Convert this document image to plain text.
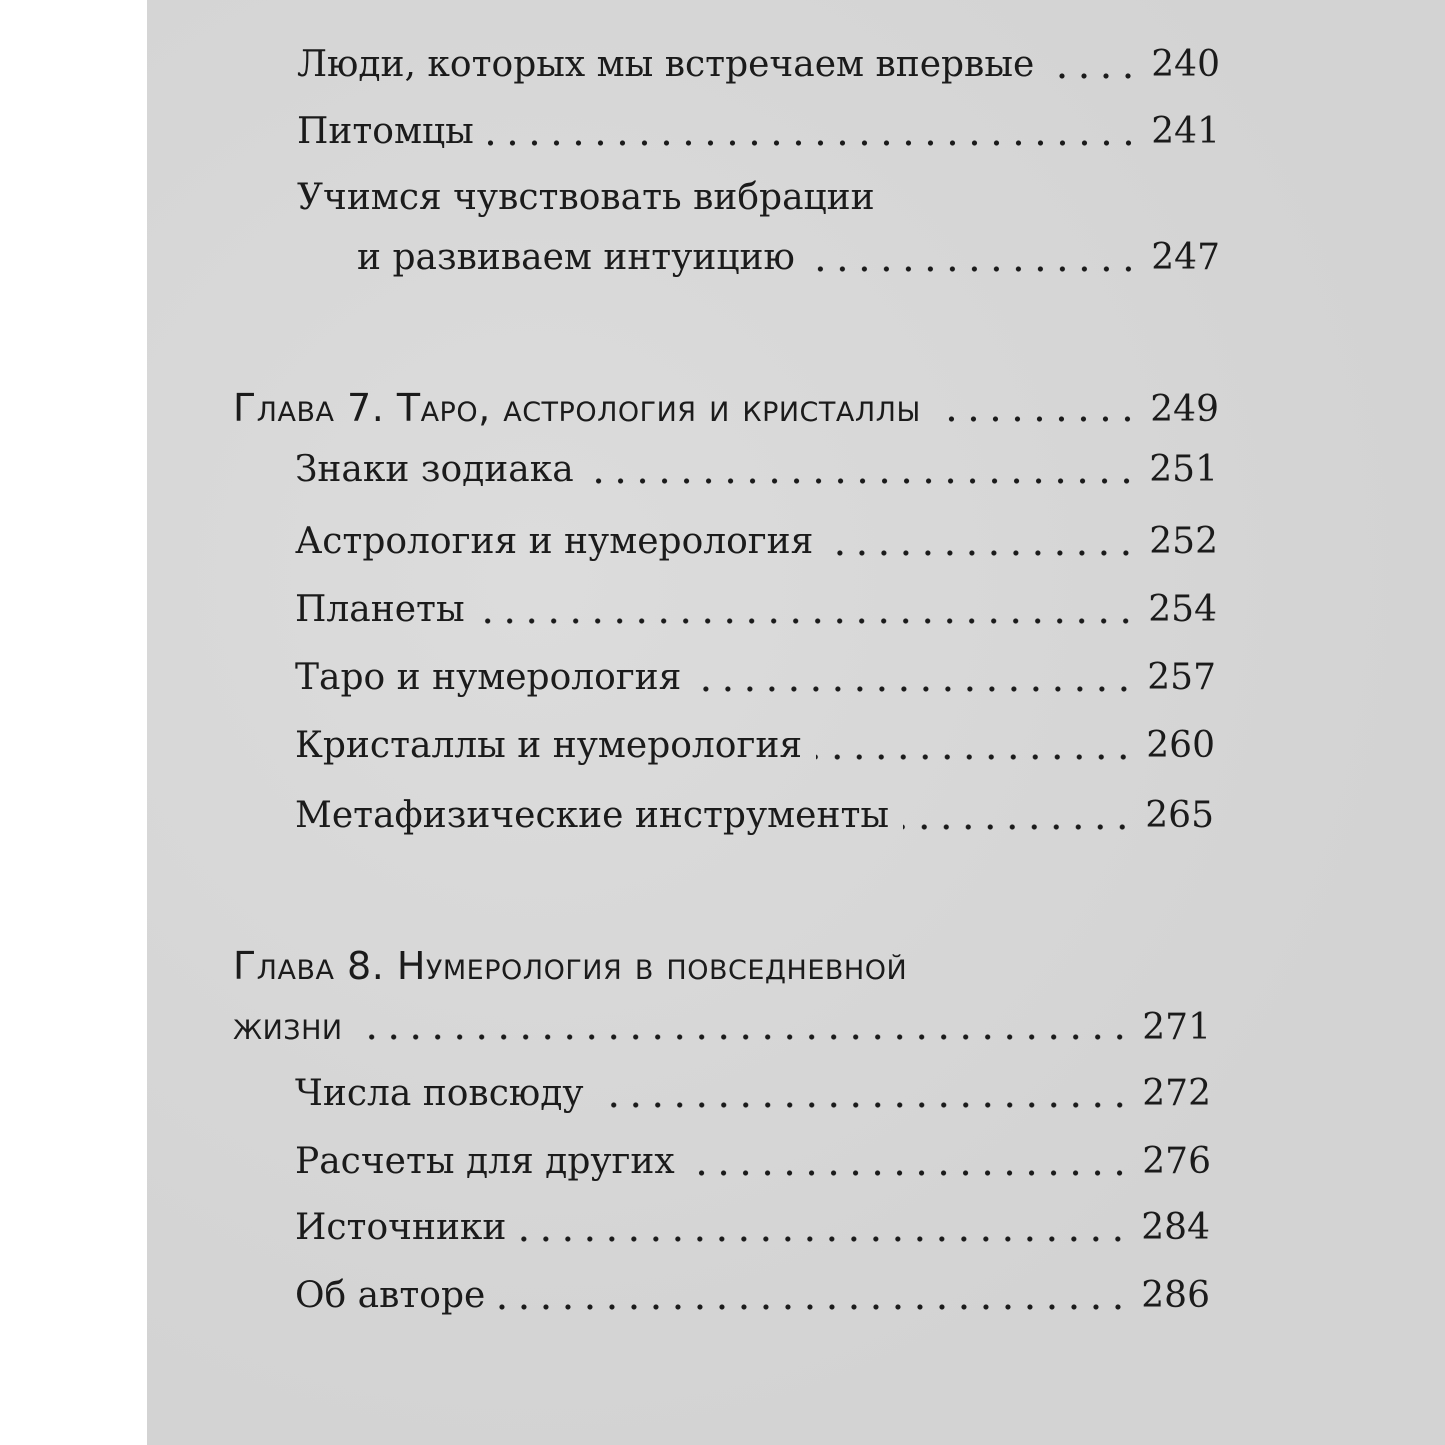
Люди, которых мы встречаем впервые	240
Питомцы	241
Учимся чувствовать вибрации
и развиваем интуицию	247
Глава 7. Таро, астрология и кристаллы	249
Знаки зодиака	251
Астрология и нумерология	252
Планеты	254
Таро и нумерология	257
Кристаллы и нумерология	260
Метафизические инструменты	265
Глава 8. Нумерология в повседневной
жизни	271
Числа повсюду	272
Расчеты для других	276
Источники	284
Об авторе	286
